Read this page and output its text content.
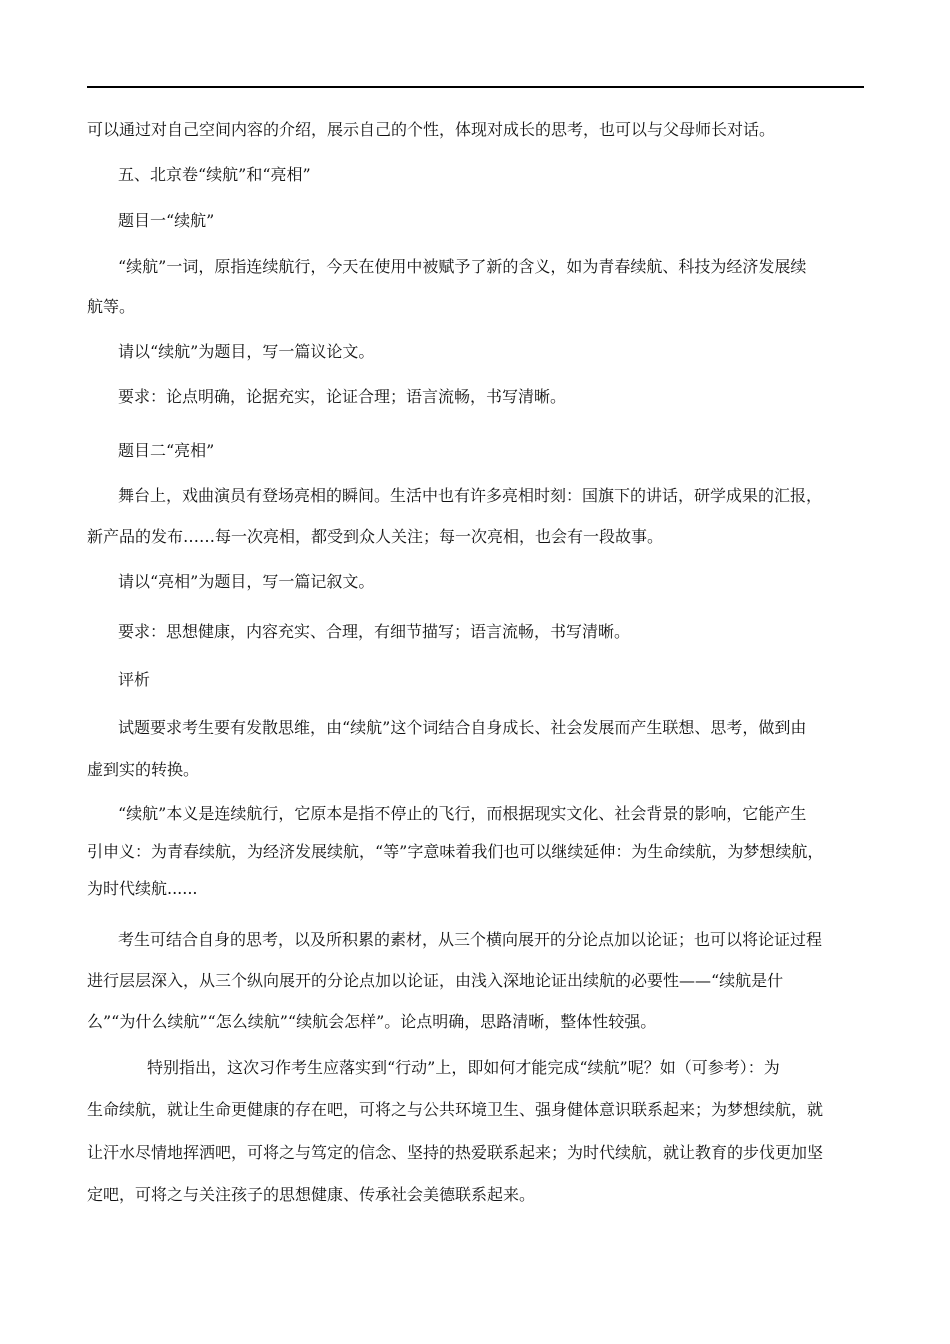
可以通过对自己空间内容的介绍，展示自己的个性，体现对成长的思考，也可以与父母师长对话。
五、北京卷“续航”和“亮相”
题目一“续航”
“续航”一词，原指连续航行，今天在使用中被赋予了新的含义，如为青春续航、科技为经济发展续
航等。
请以“续航”为题目，写一篇议论文。
要求：论点明确，论据充实，论证合理；语言流畅，书写清晰。
题目二“亮相”
舞台上，戏曲演员有登场亮相的瞬间。生活中也有许多亮相时刻：国旗下的讲话，研学成果的汇报，
新产品的发布……每一次亮相，都受到众人关注；每一次亮相，也会有一段故事。
请以“亮相”为题目，写一篇记叙文。
要求：思想健康，内容充实、合理，有细节描写；语言流畅，书写清晰。
评析
试题要求考生要有发散思维，由“续航”这个词结合自身成长、社会发展而产生联想、思考，做到由
虚到实的转换。
“续航”本义是连续航行，它原本是指不停止的飞行，而根据现实文化、社会背景的影响，它能产生
引申义：为青春续航，为经济发展续航，“等”字意味着我们也可以继续延伸：为生命续航，为梦想续航，
为时代续航......
考生可结合自身的思考，以及所积累的素材，从三个横向展开的分论点加以论证；也可以将论证过程
进行层层深入，从三个纵向展开的分论点加以论证，由浅入深地论证出续航的必要性——“续航是什
么”“为什么续航”“怎么续航”“续航会怎样”。论点明确，思路清晰，整体性较强。
特别指出，这次习作考生应落实到“行动”上，即如何才能完成“续航”呢？如（可参考）：为
生命续航，就让生命更健康的存在吧，可将之与公共环境卫生、强身健体意识联系起来；为梦想续航，就
让汗水尽情地挥洒吧，可将之与笃定的信念、坚持的热爱联系起来；为时代续航，就让教育的步伐更加坚
定吧，可将之与关注孩子的思想健康、传承社会美德联系起来。
